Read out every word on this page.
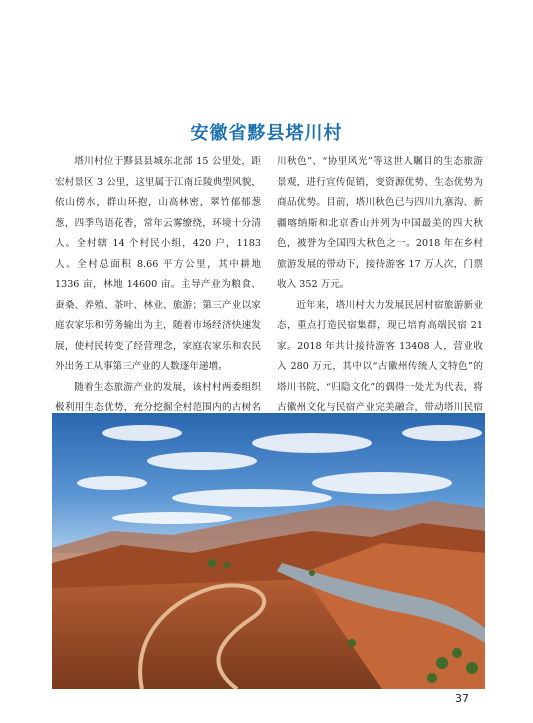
安徽省黟县塔川村

塔川村位于黟县县城东北部 15 公里处，距宏村景区 3 公里，这里属于江南丘陵典型风貌，依山傍水，群山环抱，山高林密，翠竹郁郁葱葱，四季鸟语花香，常年云雾缭绕，环境十分清人。全村辖 14 个村民小组，420 户，1183 人。全村总面积 8.66 平方公里，其中耕地 1336 亩，林地 14600 亩。主导产业为粮食、蚕桑、养殖、茶叶、林业、旅游；第三产业以家庭农家乐和劳务输出为主，随着市场经济快速发展，使村民转变了经营理念，家庭农家乐和农民外出务工从事第三产业的人数逐年递增。

随着生态旅游产业的发展，该村村两委组织极利用生态优势，充分挖掘全村范围内的古树名

川秋色”、“协里风光”等这世人瞩目的生态旅游景观，进行宣传促销，变资源优势、生态优势为商品优势。目前，塔川秋色已与四川九寨沟、新疆喀纳斯和北京香山并列为中国最美的四大秋色，被誉为全国四大秋色之一。2018 年在乡村旅游发展的带动下，接待游客 17 万人次，门票收入 352 万元。

近年来，塔川村大力发展民居村宿旅游新业态，重点打造民宿集群，现已培育高端民宿 21 家。2018 年共计接待游客 13408 人，营业收入 280 万元，其中以“古徽州传统人文特色”的塔川书院、“归隐文化”的偶得一处尤为代表，将古徽州文化与民宿产业完美融合，带动塔川民宿

37
